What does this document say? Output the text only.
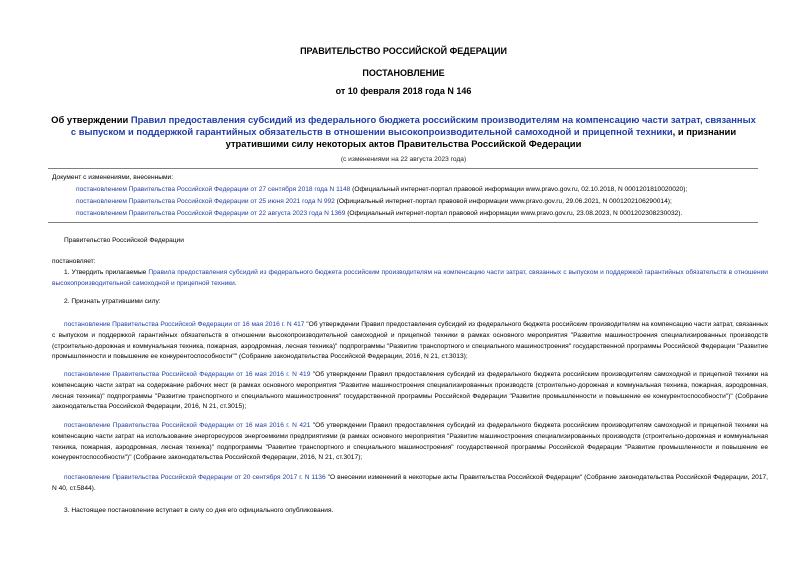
ПРАВИТЕЛЬСТВО РОССИЙСКОЙ ФЕДЕРАЦИИ
ПОСТАНОВЛЕНИЕ
от 10 февраля 2018 года N 146
Об утверждении Правил предоставления субсидий из федерального бюджета российским производителям на компенсацию части затрат, связанных с выпуском и поддержкой гарантийных обязательств в отношении высокопроизводительной самоходной и прицепной техники, и признании утратившими силу некоторых актов Правительства Российской Федерации
(с изменениями на 22 августа 2023 года)
Документ с изменениями, внесенными:
постановлением Правительства Российской Федерации от 27 сентября 2018 года N 1148 (Официальный интернет-портал правовой информации www.pravo.gov.ru, 02.10.2018, N 0001201810020020);
постановлением Правительства Российской Федерации от 25 июня 2021 года N 992 (Официальный интернет-портал правовой информации www.pravo.gov.ru, 29.06.2021, N 0001202106290014);
постановлением Правительства Российской Федерации от 22 августа 2023 года N 1369 (Официальный интернет-портал правовой информации www.pravo.gov.ru, 23.08.2023, N 0001202308230032).
Правительство Российской Федерации
постановляет:
1. Утвердить прилагаемые Правила предоставления субсидий из федерального бюджета российским производителям на компенсацию части затрат, связанных с выпуском и поддержкой гарантийных обязательств в отношении высокопроизводительной самоходной и прицепной техники.
2. Признать утратившими силу:
постановление Правительства Российской Федерации от 16 мая 2016 г. N 417 "Об утверждении Правил предоставления субсидий из федерального бюджета российским производителям на компенсацию части затрат, связанных с выпуском и поддержкой гарантийных обязательств в отношении высокопроизводительной самоходной и прицепной техники в рамках основного мероприятия "Развитие машиностроения специализированных производств (строительно-дорожная и коммунальная техника, пожарная, аэродромная, лесная техника)" подпрограммы "Развитие транспортного и специального машиностроения" государственной программы Российской Федерации "Развитие промышленности и повышение ее конкурентоспособности"" (Собрание законодательства Российской Федерации, 2016, N 21, ст.3013);
постановление Правительства Российской Федерации от 16 мая 2016 г. N 419 "Об утверждении Правил предоставления субсидий из федерального бюджета российским производителям самоходной и прицепной техники на компенсацию части затрат на содержание рабочих мест (в рамках основного мероприятия "Развитие машиностроения специализированных производств (строительно-дорожная и коммунальная техника, пожарная, аэродромная, лесная техника)" подпрограммы "Развитие транспортного и специального машиностроения" государственной программы Российской Федерации "Развитие промышленности и повышение ее конкурентоспособности")" (Собрание законодательства Российской Федерации, 2016, N 21, ст.3015);
постановление Правительства Российской Федерации от 16 мая 2016 г. N 421 "Об утверждении Правил предоставления субсидий из федерального бюджета российским производителям самоходной и прицепной техники на компенсацию части затрат на использование энергоресурсов энергоемкими предприятиями (в рамках основного мероприятия "Развитие машиностроения специализированных производств (строительно-дорожная и коммунальная техника, пожарная, аэродромная, лесная техника)" подпрограммы "Развитие транспортного и специального машиностроения" государственной программы Российской Федерации "Развитие промышленности и повышение ее конкурентоспособности")" (Собрание законодательства Российской Федерации, 2016, N 21, ст.3017);
постановление Правительства Российской Федерации от 20 сентября 2017 г. N 1136 "О внесении изменений в некоторые акты Правительства Российской Федерации" (Собрание законодательства Российской Федерации, 2017, N 40, ст.5844).
3. Настоящее постановление вступает в силу со дня его официального опубликования.
